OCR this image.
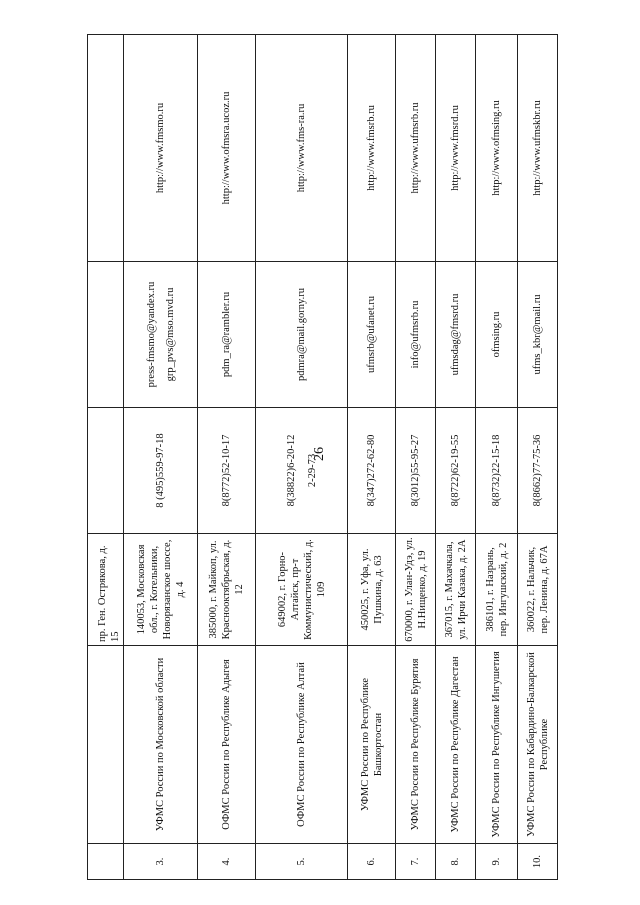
26
		пр. Ген. Острякова, д. 15			
3.	УФМС России по Московской области	140053, Московская обл., г. Котельники, Новорязанское шоссе, д. 4	8 (495)559-97-18	press-fmsmo@yandex.ru grp_pvs@mso.mvd.ru	http://www.fmsmo.ru
4.	ОФМС России по Республике Адыгея	385000, г. Майкоп, ул. Краснооктябрьская, д. 12	8(8772)52-10-17	pdm_ra@rambler.ru	http://www.ofmsra.ucoz.ru
5.	ОФМС России по Республике Алтай	649002, г. Горно-Алтайск, пр-т Коммунистический, д. 109	8(38822)6-20-12 2-29-73	pdmra@mail.gorny.ru	http://www.fms-ra.ru
6.	УФМС России по Республике Башкортостан	450025, г. Уфа, ул. Пушкина, д. 63	8(347)272-62-80	ufmsrb@ufanet.ru	http://www.fmsrb.ru
7.	УФМС России по Республике Бурятия	670000, г. Улан-Удэ, ул. Н.Нищенко, д. 19	8(3012)55-95-27	info@ufmsrb.ru	http://www.ufmsrb.ru
8.	УФМС России по Республике Дагестан	367015, г. Махачкала, ул. Ирчи Казака, д. 2А	8(8722)62-19-55	ufmsdag@fmsrd.ru	http://www.fmsrd.ru
9.	УФМС России по Республике Ингушетия	386101, г. Назрань, пер. Ингушский, д. 2	8(8732)22-15-18	ofmsing.ru	http://www.ofmsing.ru
10.	УФМС России по Кабардино-Балкарской Республике	360022, г. Нальчик, пер. Ленина, д. 67А	8(8662)77-75-36	ufms_kbr@mail.ru	http://www.ufmskbr.ru
